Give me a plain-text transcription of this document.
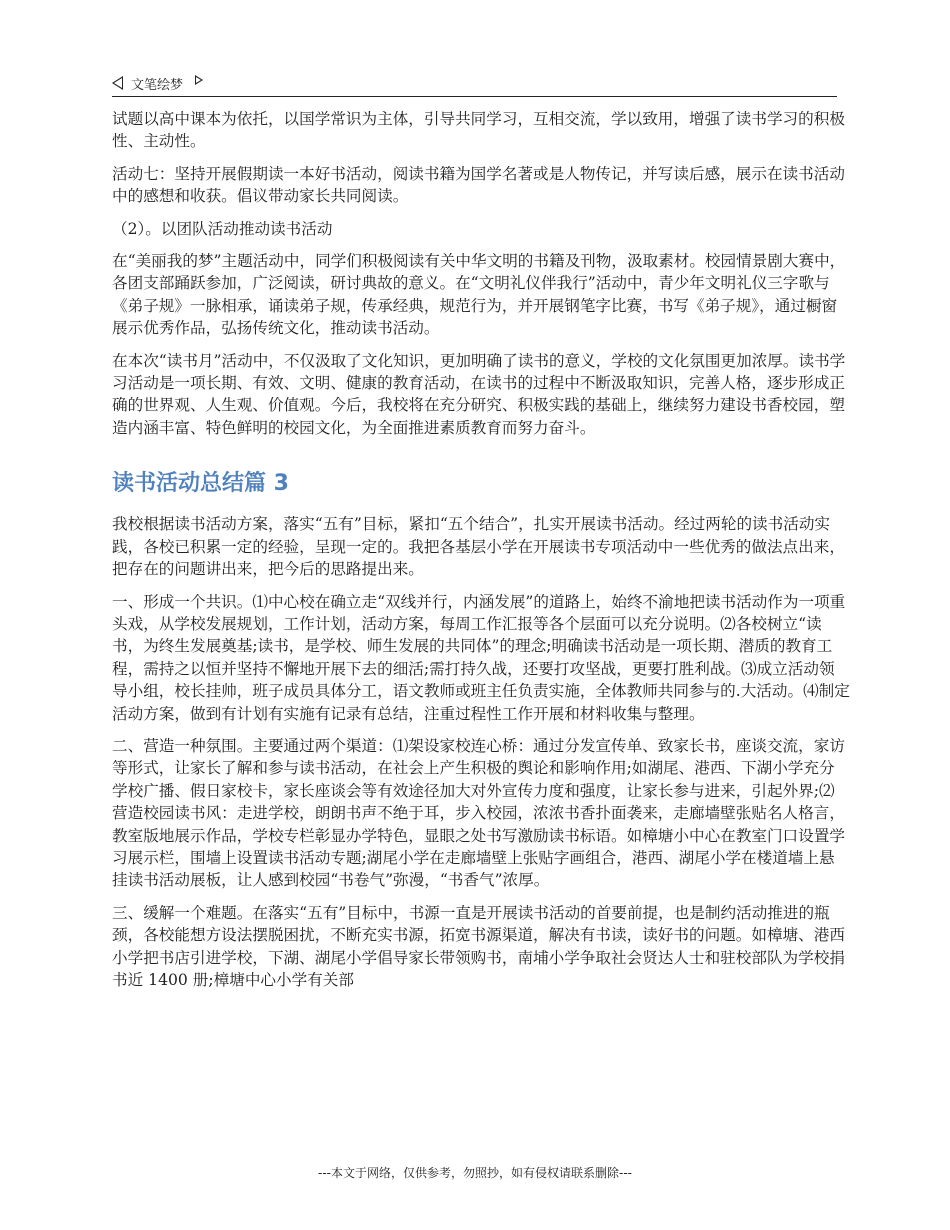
文笔绘梦

试题以高中课本为依托，以国学常识为主体，引导共同学习，互相交流，学以致用，增强了读书学习的积极性、主动性。

活动七：坚持开展假期读一本好书活动，阅读书籍为国学名著或是人物传记，并写读后感，展示在读书活动中的感想和收获。倡议带动家长共同阅读。

（2）。以团队活动推动读书活动

在“美丽我的梦”主题活动中，同学们积极阅读有关中华文明的书籍及刊物，汲取素材。校园情景剧大赛中，各团支部踊跃参加，广泛阅读，研讨典故的意义。在“文明礼仪伴我行”活动中，青少年文明礼仪三字歌与《弟子规》一脉相承，诵读弟子规，传承经典，规范行为，并开展钢笔字比赛，书写《弟子规》，通过橱窗展示优秀作品，弘扬传统文化，推动读书活动。

在本次“读书月”活动中，不仅汲取了文化知识，更加明确了读书的意义，学校的文化氛围更加浓厚。读书学习活动是一项长期、有效、文明、健康的教育活动，在读书的过程中不断汲取知识，完善人格，逐步形成正确的世界观、人生观、价值观。今后，我校将在充分研究、积极实践的基础上，继续努力建设书香校园，塑造内涵丰富、特色鲜明的校园文化，为全面推进素质教育而努力奋斗。

读书活动总结篇 3

我校根据读书活动方案，落实“五有”目标，紧扣“五个结合”，扎实开展读书活动。经过两轮的读书活动实践，各校已积累一定的经验，呈现一定的。我把各基层小学在开展读书专项活动中一些优秀的做法点出来，把存在的问题讲出来，把今后的思路提出来。

一、形成一个共识。⑴中心校在确立走“双线并行，内涵发展”的道路上，始终不渝地把读书活动作为一项重头戏，从学校发展规划，工作计划，活动方案，每周工作汇报等各个层面可以充分说明。⑵各校树立“读书，为终生发展奠基;读书，是学校、师生发展的共同体”的理念;明确读书活动是一项长期、潜质的教育工程，需持之以恒并坚持不懈地开展下去的细活;需打持久战，还要打攻坚战，更要打胜利战。⑶成立活动领导小组，校长挂帅，班子成员具体分工，语文教师或班主任负责实施，全体教师共同参与的.大活动。⑷制定活动方案，做到有计划有实施有记录有总结，注重过程性工作开展和材料收集与整理。

二、营造一种氛围。主要通过两个渠道：⑴架设家校连心桥：通过分发宣传单、致家长书，座谈交流，家访等形式，让家长了解和参与读书活动，在社会上产生积极的舆论和影响作用;如湖尾、港西、下湖小学充分学校广播、假日家校卡，家长座谈会等有效途径加大对外宣传力度和强度，让家长参与进来，引起外界;⑵营造校园读书风：走进学校，朗朗书声不绝于耳，步入校园，浓浓书香扑面袭来，走廊墙壁张贴名人格言，教室版地展示作品，学校专栏彰显办学特色，显眼之处书写激励读书标语。如樟塘小中心在教室门口设置学习展示栏，围墙上设置读书活动专题;湖尾小学在走廊墙壁上张贴字画组合，港西、湖尾小学在楼道墙上悬挂读书活动展板，让人感到校园“书卷气”弥漫，“书香气”浓厚。

三、缓解一个难题。在落实“五有”目标中，书源一直是开展读书活动的首要前提，也是制约活动推进的瓶颈，各校能想方设法摆脱困扰，不断充实书源，拓宽书源渠道，解决有书读，读好书的问题。如樟塘、港西小学把书店引进学校，下湖、湖尾小学倡导家长带领购书，南埔小学争取社会贤达人士和驻校部队为学校捐书近 1400 册;樟塘中心小学有关部

---本文于网络，仅供参考，勿照抄，如有侵权请联系删除---
